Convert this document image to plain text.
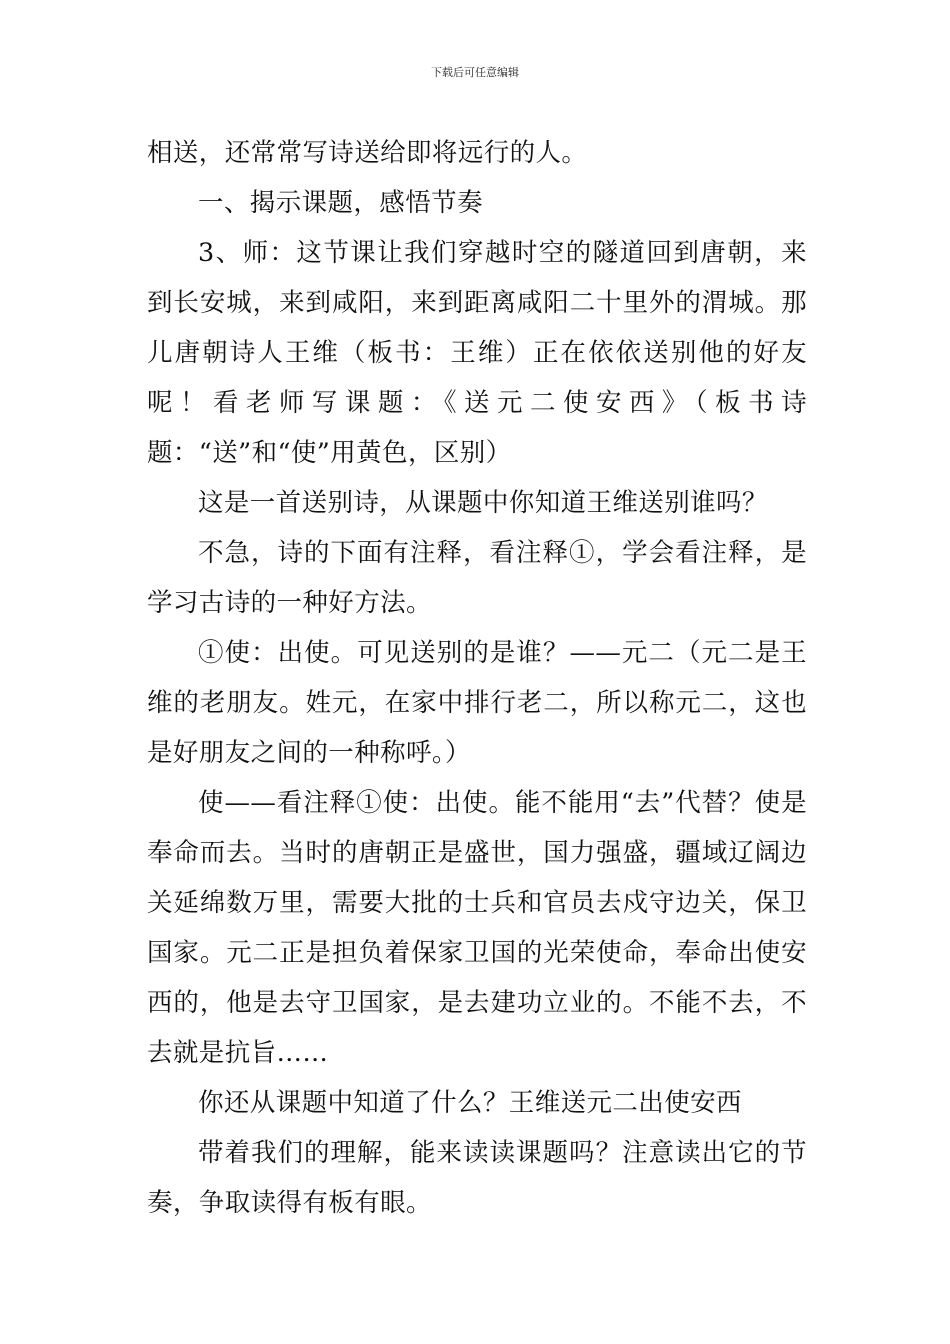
下载后可任意编辑

相送，还常常写诗送给即将远行的人。

一、揭示课题，感悟节奏

3、师：这节课让我们穿越时空的隧道回到唐朝，来到长安城，来到咸阳，来到距离咸阳二十里外的渭城。那儿唐朝诗人王维（板书：王维）正在依依送别他的好友呢！看老师写课题：《送元二使安西》（板书诗题：“送”和“使”用黄色，区别）

这是一首送别诗，从课题中你知道王维送别谁吗？

不急，诗的下面有注释，看注释①，学会看注释，是学习古诗的一种好方法。

①使：出使。可见送别的是谁？——元二（元二是王维的老朋友。姓元，在家中排行老二，所以称元二，这也是好朋友之间的一种称呼。）

使——看注释①使：出使。能不能用“去”代替？使是奉命而去。当时的唐朝正是盛世，国力强盛，疆域辽阔边关延绵数万里，需要大批的士兵和官员去戍守边关，保卫国家。元二正是担负着保家卫国的光荣使命，奉命出使安西的，他是去守卫国家，是去建功立业的。不能不去，不去就是抗旨……

你还从课题中知道了什么？王维送元二出使安西

带着我们的理解，能来读读课题吗？注意读出它的节奏，争取读得有板有眼。
